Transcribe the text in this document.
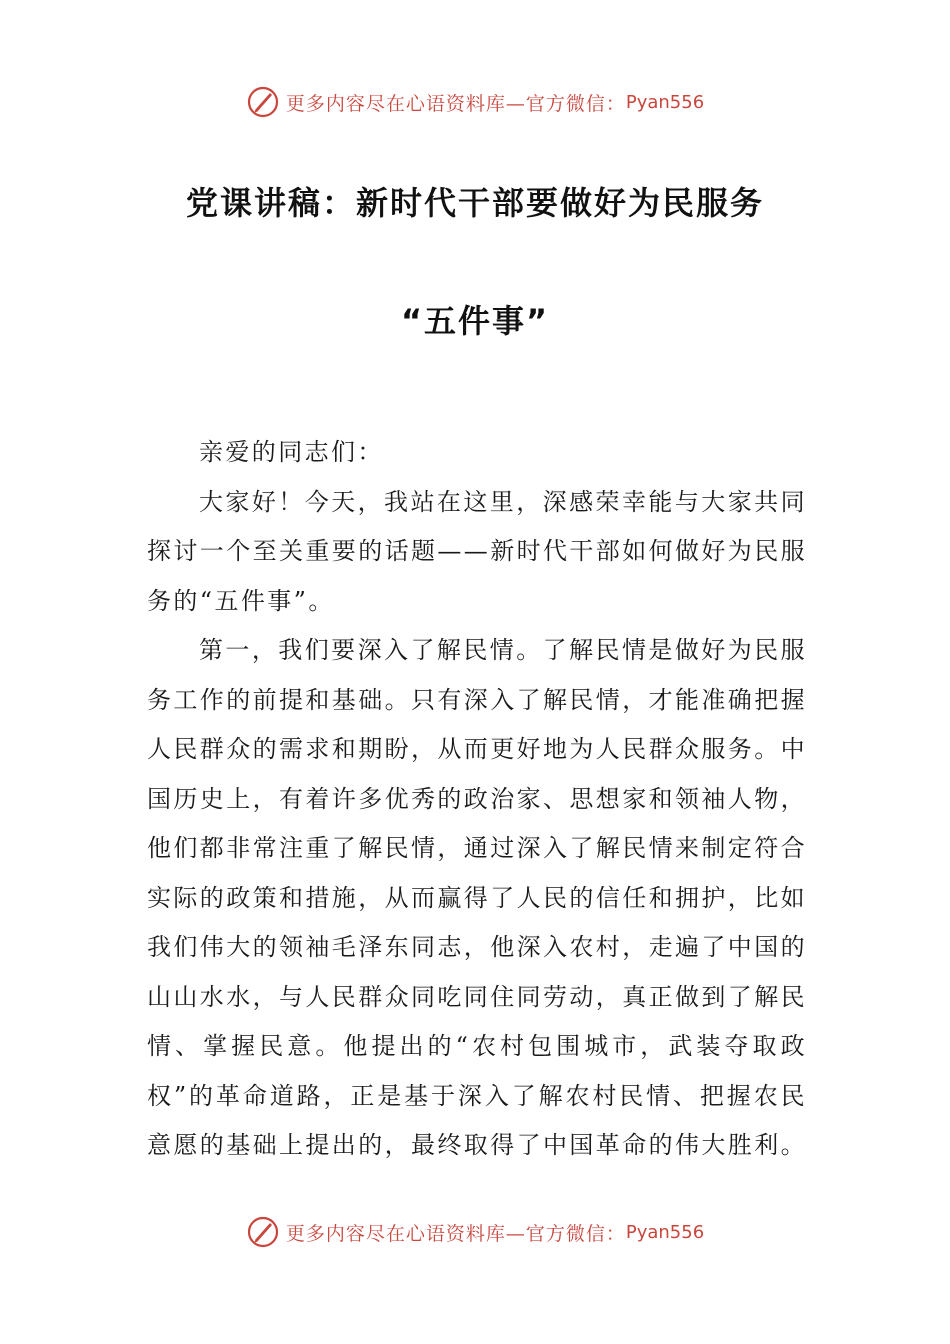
更多内容尽在心语资料库—官方微信： Pyan556
党课讲稿：新时代干部要做好为民服务
“五件事”

亲爱的同志们：

大家好！今天，我站在这里，深感荣幸能与大家共同探讨一个至关重要的话题——新时代干部如何做好为民服务的“五件事”。

第一，我们要深入了解民情。了解民情是做好为民服务工作的前提和基础。只有深入了解民情，才能准确把握人民群众的需求和期盼，从而更好地为人民群众服务。中国历史上，有着许多优秀的政治家、思想家和领袖人物，他们都非常注重了解民情，通过深入了解民情来制定符合实际的政策和措施，从而赢得了人民的信任和拥护，比如我们伟大的领袖毛泽东同志，他深入农村，走遍了中国的山山水水，与人民群众同吃同住同劳动，真正做到了解民情、掌握民意。他提出的“农村包围城市，武装夺取政权”的革命道路，正是基于深入了解农村民情、把握农民意愿的基础上提出的，最终取得了中国革命的伟大胜利。

更多内容尽在心语资料库—官方微信： Pyan556
